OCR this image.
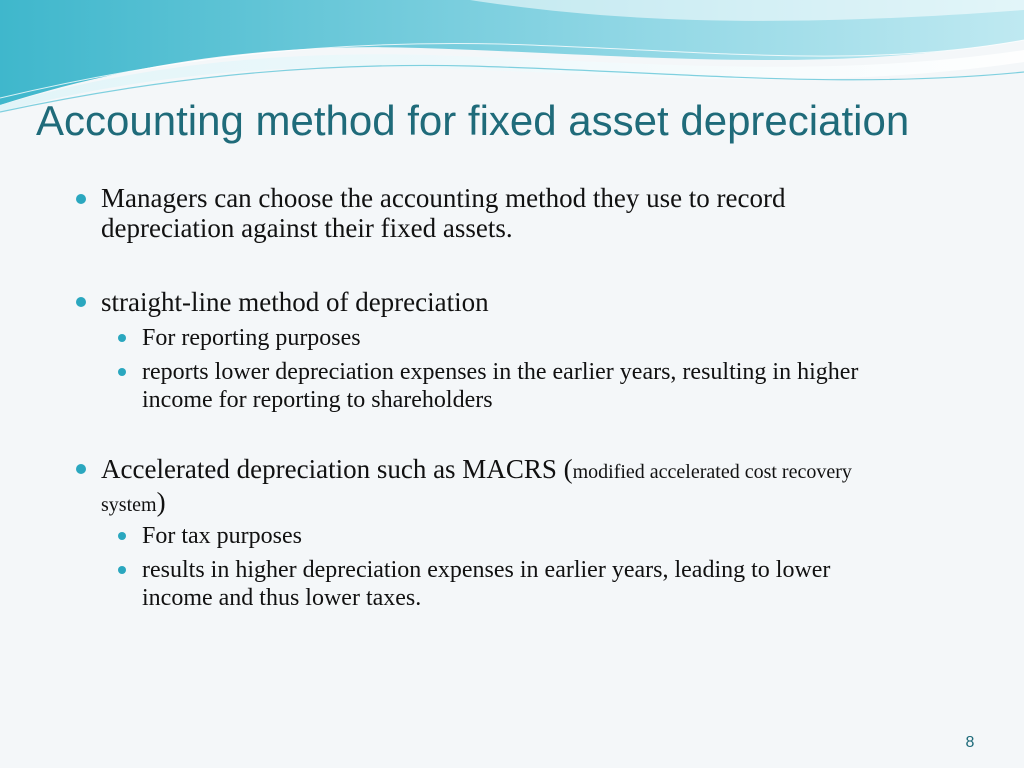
Accounting method for fixed asset depreciation
Managers can choose the accounting method they use to record depreciation against their fixed assets.
straight-line method of depreciation
For reporting purposes
reports lower depreciation expenses in the earlier years, resulting in higher income for reporting to shareholders
Accelerated depreciation such as MACRS (modified accelerated cost recovery system)
For tax purposes
results in higher depreciation expenses in earlier years, leading to lower income and thus lower taxes.
8
